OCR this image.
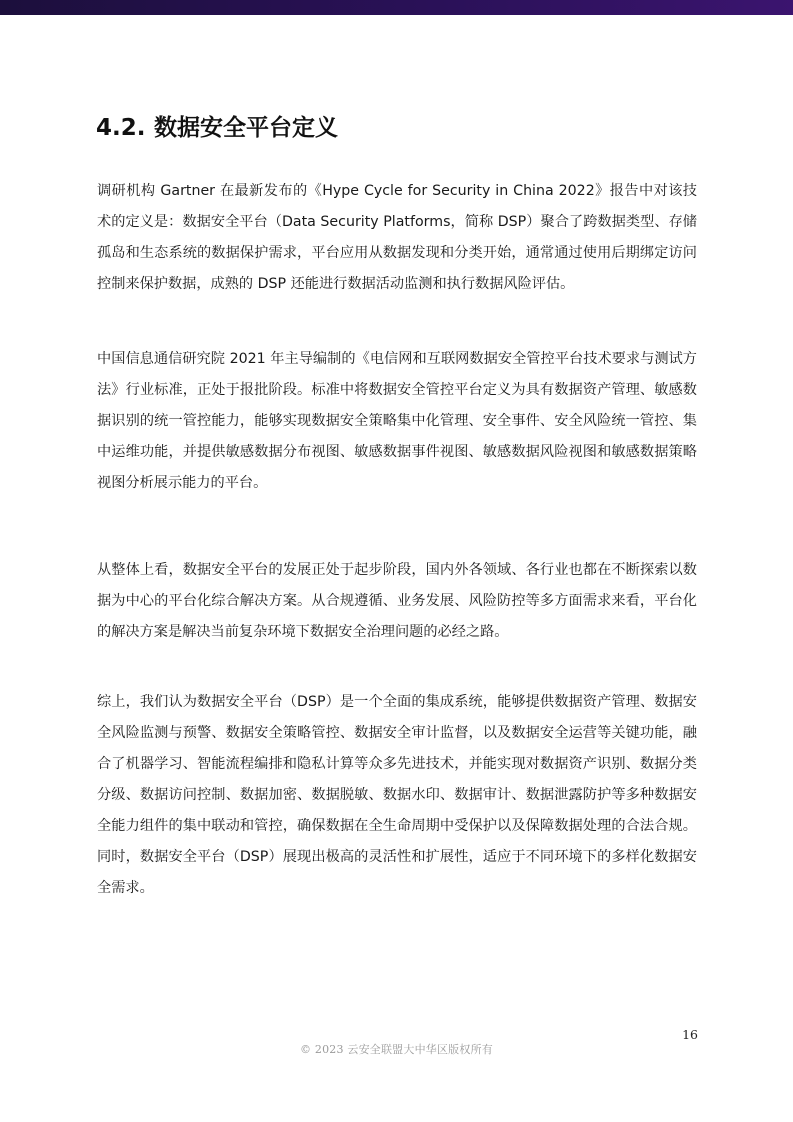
4.2. 数据安全平台定义

调研机构 Gartner 在最新发布的《Hype Cycle for Security in China 2022》报告中对该技术的定义是：数据安全平台（Data Security Platforms，简称 DSP）聚合了跨数据类型、存储孤岛和生态系统的数据保护需求，平台应用从数据发现和分类开始，通常通过使用后期绑定访问控制来保护数据，成熟的 DSP 还能进行数据活动监测和执行数据风险评估。

中国信息通信研究院 2021 年主导编制的《电信网和互联网数据安全管控平台技术要求与测试方法》行业标准，正处于报批阶段。标准中将数据安全管控平台定义为具有数据资产管理、敏感数据识别的统一管控能力，能够实现数据安全策略集中化管理、安全事件、安全风险统一管控、集中运维功能，并提供敏感数据分布视图、敏感数据事件视图、敏感数据风险视图和敏感数据策略视图分析展示能力的平台。

从整体上看，数据安全平台的发展正处于起步阶段，国内外各领域、各行业也都在不断探索以数据为中心的平台化综合解决方案。从合规遵循、业务发展、风险防控等多方面需求来看，平台化的解决方案是解决当前复杂环境下数据安全治理问题的必经之路。

综上，我们认为数据安全平台（DSP）是一个全面的集成系统，能够提供数据资产管理、数据安全风险监测与预警、数据安全策略管控、数据安全审计监督，以及数据安全运营等关键功能，融合了机器学习、智能流程编排和隐私计算等众多先进技术，并能实现对数据资产识别、数据分类分级、数据访问控制、数据加密、数据脱敏、数据水印、数据审计、数据泄露防护等多种数据安全能力组件的集中联动和管控，确保数据在全生命周期中受保护以及保障数据处理的合法合规。同时，数据安全平台（DSP）展现出极高的灵活性和扩展性，适应于不同环境下的多样化数据安全需求。

16
© 2023 云安全联盟大中华区版权所有
